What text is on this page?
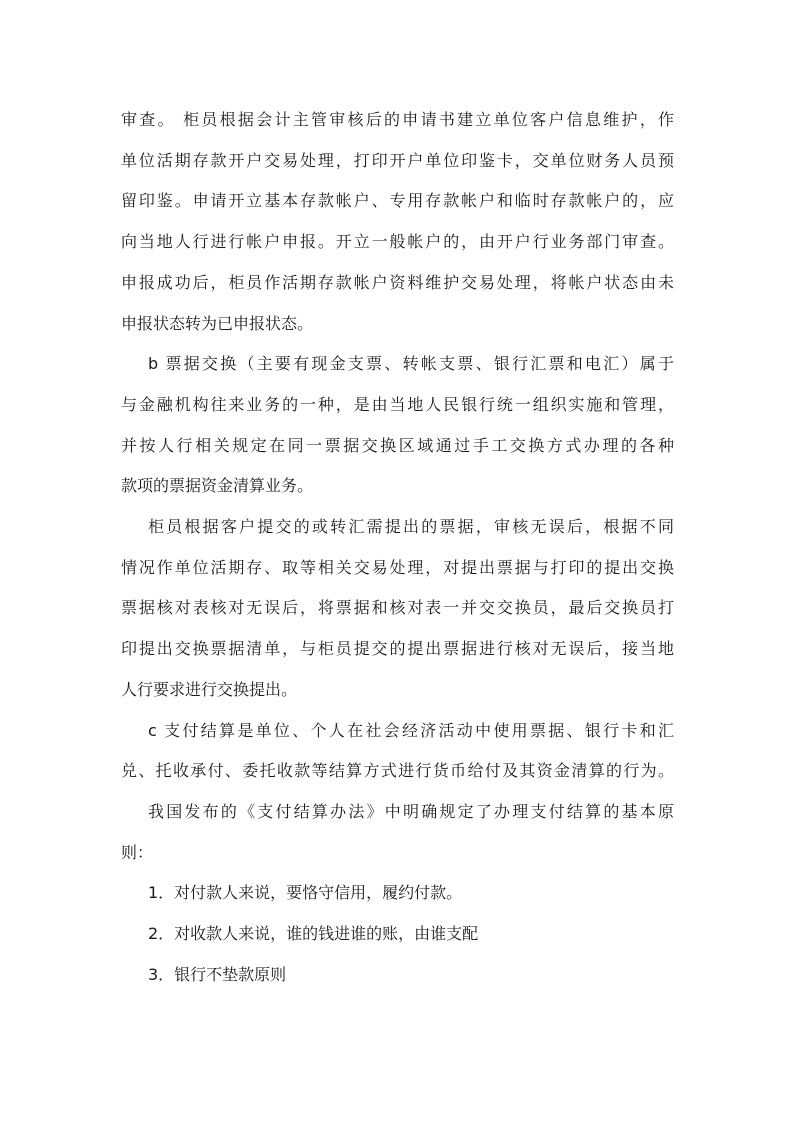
审查。 柜员根据会计主管审核后的申请书建立单位客户信息维护，作
单位活期存款开户交易处理，打印开户单位印鉴卡，交单位财务人员预
留印鉴。申请开立基本存款帐户、专用存款帐户和临时存款帐户的，应
向当地人行进行帐户申报。开立一般帐户的，由开户行业务部门审查。
申报成功后，柜员作活期存款帐户资料维护交易处理，将帐户状态由未
申报状态转为已申报状态。
b 票据交换（主要有现金支票、转帐支票、银行汇票和电汇）属于
与金融机构往来业务的一种，是由当地人民银行统一组织实施和管理，
并按人行相关规定在同一票据交换区域通过手工交换方式办理的各种
款项的票据资金清算业务。
柜员根据客户提交的或转汇需提出的票据，审核无误后，根据不同
情况作单位活期存、取等相关交易处理，对提出票据与打印的提出交换
票据核对表核对无误后，将票据和核对表一并交交换员，最后交换员打
印提出交换票据清单，与柜员提交的提出票据进行核对无误后，接当地
人行要求进行交换提出。
c 支付结算是单位、个人在社会经济活动中使用票据、银行卡和汇
兑、托收承付、委托收款等结算方式进行货币给付及其资金清算的行为。
我国发布的《支付结算办法》中明确规定了办理支付结算的基本原
则：
1．对付款人来说，要恪守信用，履约付款。
2．对收款人来说，谁的钱进谁的账，由谁支配
3．银行不垫款原则
